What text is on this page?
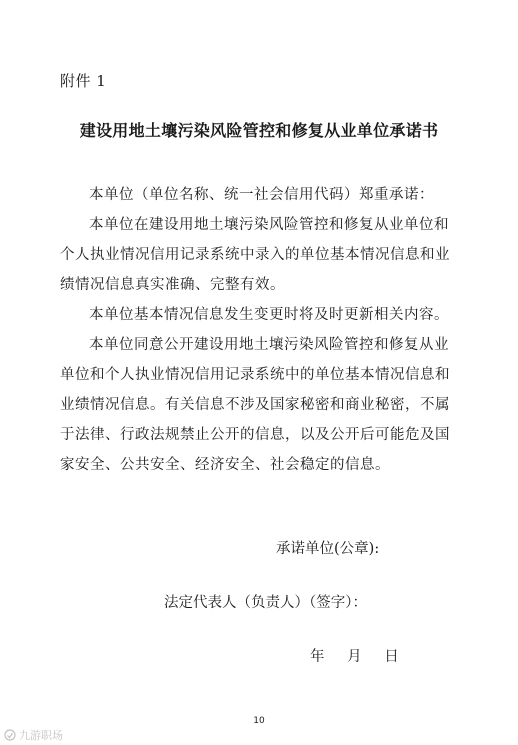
附件 1
建设用地土壤污染风险管控和修复从业单位承诺书

本单位（单位名称、统一社会信用代码）郑重承诺：

本单位在建设用地土壤污染风险管控和修复从业单位和个人执业情况信用记录系统中录入的单位基本情况信息和业绩情况信息真实准确、完整有效。

本单位基本情况信息发生变更时将及时更新相关内容。

本单位同意公开建设用地土壤污染风险管控和修复从业单位和个人执业情况信用记录系统中的单位基本情况信息和业绩情况信息。有关信息不涉及国家秘密和商业秘密，不属于法律、行政法规禁止公开的信息，以及公开后可能危及国家安全、公共安全、经济安全、社会稳定的信息。

承诺单位(公章):
法定代表人（负责人）（签字）：
年 月 日
10
九游职场
